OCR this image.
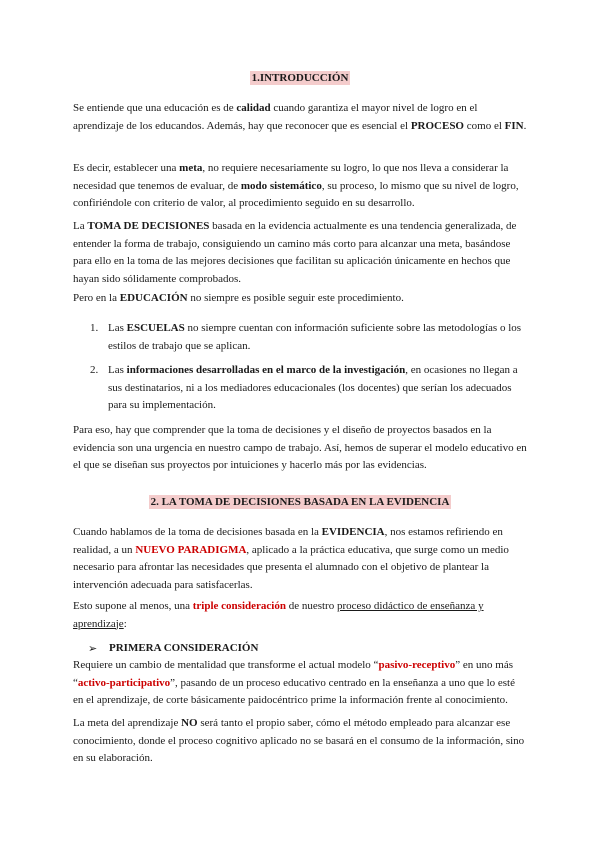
1.INTRODUCCIÓN

Se entiende que una educación es de calidad cuando garantiza el mayor nivel de logro en el aprendizaje de los educandos. Además, hay que reconocer que es esencial el PROCESO como el FIN.

Es decir, establecer una meta, no requiere necesariamente su logro, lo que nos lleva a considerar la necesidad que tenemos de evaluar, de modo sistemático, su proceso, lo mismo que su nivel de logro, confiriéndole con criterio de valor, al procedimiento seguido en su desarrollo.

La TOMA DE DECISIONES basada en la evidencia actualmente es una tendencia generalizada, de entender la forma de trabajo, consiguiendo un camino más corto para alcanzar una meta, basándose para ello en la toma de las mejores decisiones que facilitan su aplicación únicamente en hechos que hayan sido sólidamente comprobados.

Pero en la EDUCACIÓN no siempre es posible seguir este procedimiento.

1. Las ESCUELAS no siempre cuentan con información suficiente sobre las metodologías o los estilos de trabajo que se aplican.

2. Las informaciones desarrolladas en el marco de la investigación, en ocasiones no llegan a sus destinatarios, ni a los mediadores educacionales (los docentes) que serían los adecuados para su implementación.

Para eso, hay que comprender que la toma de decisiones y el diseño de proyectos basados en la evidencia son una urgencia en nuestro campo de trabajo. Así, hemos de superar el modelo educativo en el que se diseñan sus proyectos por intuiciones y hacerlo más por las evidencias.

2. LA TOMA DE DECISIONES BASADA EN LA EVIDENCIA

Cuando hablamos de la toma de decisiones basada en la EVIDENCIA, nos estamos refiriendo en realidad, a un NUEVO PARADIGMA, aplicado a la práctica educativa, que surge como un medio necesario para afrontar las necesidades que presenta el alumnado con el objetivo de plantear la intervención adecuada para satisfacerlas.

Esto supone al menos, una triple consideración de nuestro proceso didáctico de enseñanza y aprendizaje:

➢ PRIMERA CONSIDERACIÓN

Requiere un cambio de mentalidad que transforme el actual modelo “pasivo-receptivo” en uno más “activo-participativo”, pasando de un proceso educativo centrado en la enseñanza a uno que lo esté en el aprendizaje, de corte básicamente paidocéntrico prime la información frente al conocimiento.

La meta del aprendizaje NO será tanto el propio saber, cómo el método empleado para alcanzar ese conocimiento, donde el proceso cognitivo aplicado no se basará en el consumo de la información, sino en su elaboración.
